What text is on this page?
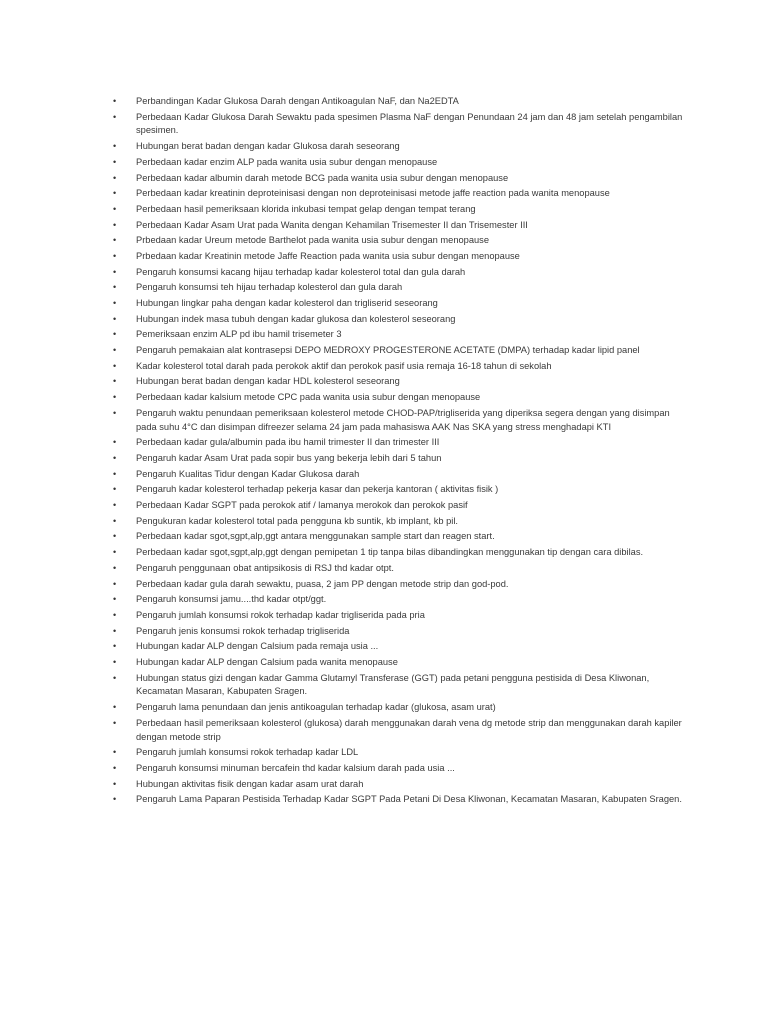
•	Perbandingan Kadar Glukosa Darah dengan Antikoagulan NaF, dan Na2EDTA
•	Perbedaan Kadar Glukosa Darah Sewaktu pada spesimen Plasma NaF dengan Penundaan 24 jam dan 48 jam setelah pengambilan spesimen.
•	Hubungan berat badan dengan kadar Glukosa darah seseorang
•	Perbedaan kadar enzim ALP pada wanita usia subur dengan menopause
•	Perbedaan kadar albumin darah metode BCG pada wanita usia subur dengan menopause
•	Perbedaan kadar kreatinin deproteinisasi dengan non deproteinisasi metode jaffe reaction pada wanita menopause
•	Perbedaan hasil pemeriksaan klorida inkubasi tempat gelap dengan tempat terang
•	Perbedaan Kadar Asam Urat pada Wanita dengan Kehamilan Trisemester II dan Trisemester III
•	Prbedaan kadar Ureum metode Barthelot pada wanita usia subur dengan menopause
•	Prbedaan kadar Kreatinin metode Jaffe Reaction pada wanita usia subur dengan menopause
•	Pengaruh konsumsi kacang hijau terhadap kadar kolesterol total dan gula darah
•	Pengaruh konsumsi teh hijau terhadap kolesterol dan gula darah
•	Hubungan lingkar paha dengan kadar kolesterol dan trigliserid seseorang
•	Hubungan indek masa tubuh dengan kadar glukosa dan kolesterol seseorang
•	Pemeriksaan enzim ALP pd ibu hamil trisemeter 3
•	Pengaruh pemakaian alat kontrasepsi DEPO MEDROXY PROGESTERONE ACETATE (DMPA) terhadap kadar lipid panel
•	Kadar kolesterol total darah pada perokok aktif dan perokok pasif usia remaja 16-18 tahun di sekolah
•	Hubungan berat badan dengan kadar HDL kolesterol seseorang
•	Perbedaan kadar kalsium metode CPC pada wanita usia subur dengan menopause
•	Pengaruh waktu penundaan pemeriksaan kolesterol metode CHOD-PAP/trigliserida yang diperiksa segera dengan yang disimpan pada suhu 4°C dan disimpan difreezer selama 24 jam pada mahasiswa AAK Nas SKA yang stress menghadapi KTI
•	Perbedaan kadar gula/albumin pada ibu hamil trimester II dan trimester III
•	Pengaruh kadar Asam Urat pada sopir bus yang bekerja lebih dari 5 tahun
•	Pengaruh Kualitas Tidur dengan Kadar Glukosa darah
•	Pengaruh kadar kolesterol terhadap pekerja kasar dan pekerja kantoran ( aktivitas fisik )
•	Perbedaan Kadar SGPT pada perokok atif / lamanya merokok dan perokok pasif
•	Pengukuran kadar kolesterol total pada pengguna kb suntik, kb implant, kb pil.
•	Perbedaan kadar sgot,sgpt,alp,ggt antara menggunakan sample start dan reagen start.
•	Perbedaan kadar sgot,sgpt,alp,ggt dengan pemipetan 1 tip tanpa bilas dibandingkan menggunakan tip dengan cara dibilas.
•	Pengaruh penggunaan obat antipsikosis di RSJ thd kadar otpt.
•	Perbedaan kadar gula darah sewaktu, puasa, 2 jam PP dengan metode strip dan god-pod.
•	Pengaruh konsumsi jamu....thd kadar otpt/ggt.
•	Pengaruh jumlah konsumsi rokok terhadap kadar trigliserida pada pria
•	Pengaruh jenis konsumsi rokok terhadap trigliserida
•	Hubungan kadar ALP dengan Calsium pada remaja usia ...
•	Hubungan kadar ALP dengan Calsium pada wanita menopause
•	Hubungan status gizi dengan kadar Gamma Glutamyl Transferase (GGT) pada petani pengguna pestisida di Desa Kliwonan, Kecamatan Masaran, Kabupaten Sragen.
•	Pengaruh lama penundaan dan jenis antikoagulan terhadap kadar (glukosa, asam urat)
•	Perbedaan hasil pemeriksaan kolesterol (glukosa) darah menggunakan darah vena dg metode strip dan menggunakan darah kapiler dengan metode strip
•	Pengaruh jumlah konsumsi rokok terhadap kadar LDL
•	Pengaruh konsumsi minuman bercafein thd kadar kalsium darah pada usia ...
•	Hubungan aktivitas fisik dengan kadar asam urat darah
•	Pengaruh Lama Paparan Pestisida Terhadap Kadar SGPT Pada Petani Di Desa Kliwonan, Kecamatan Masaran, Kabupaten Sragen.
